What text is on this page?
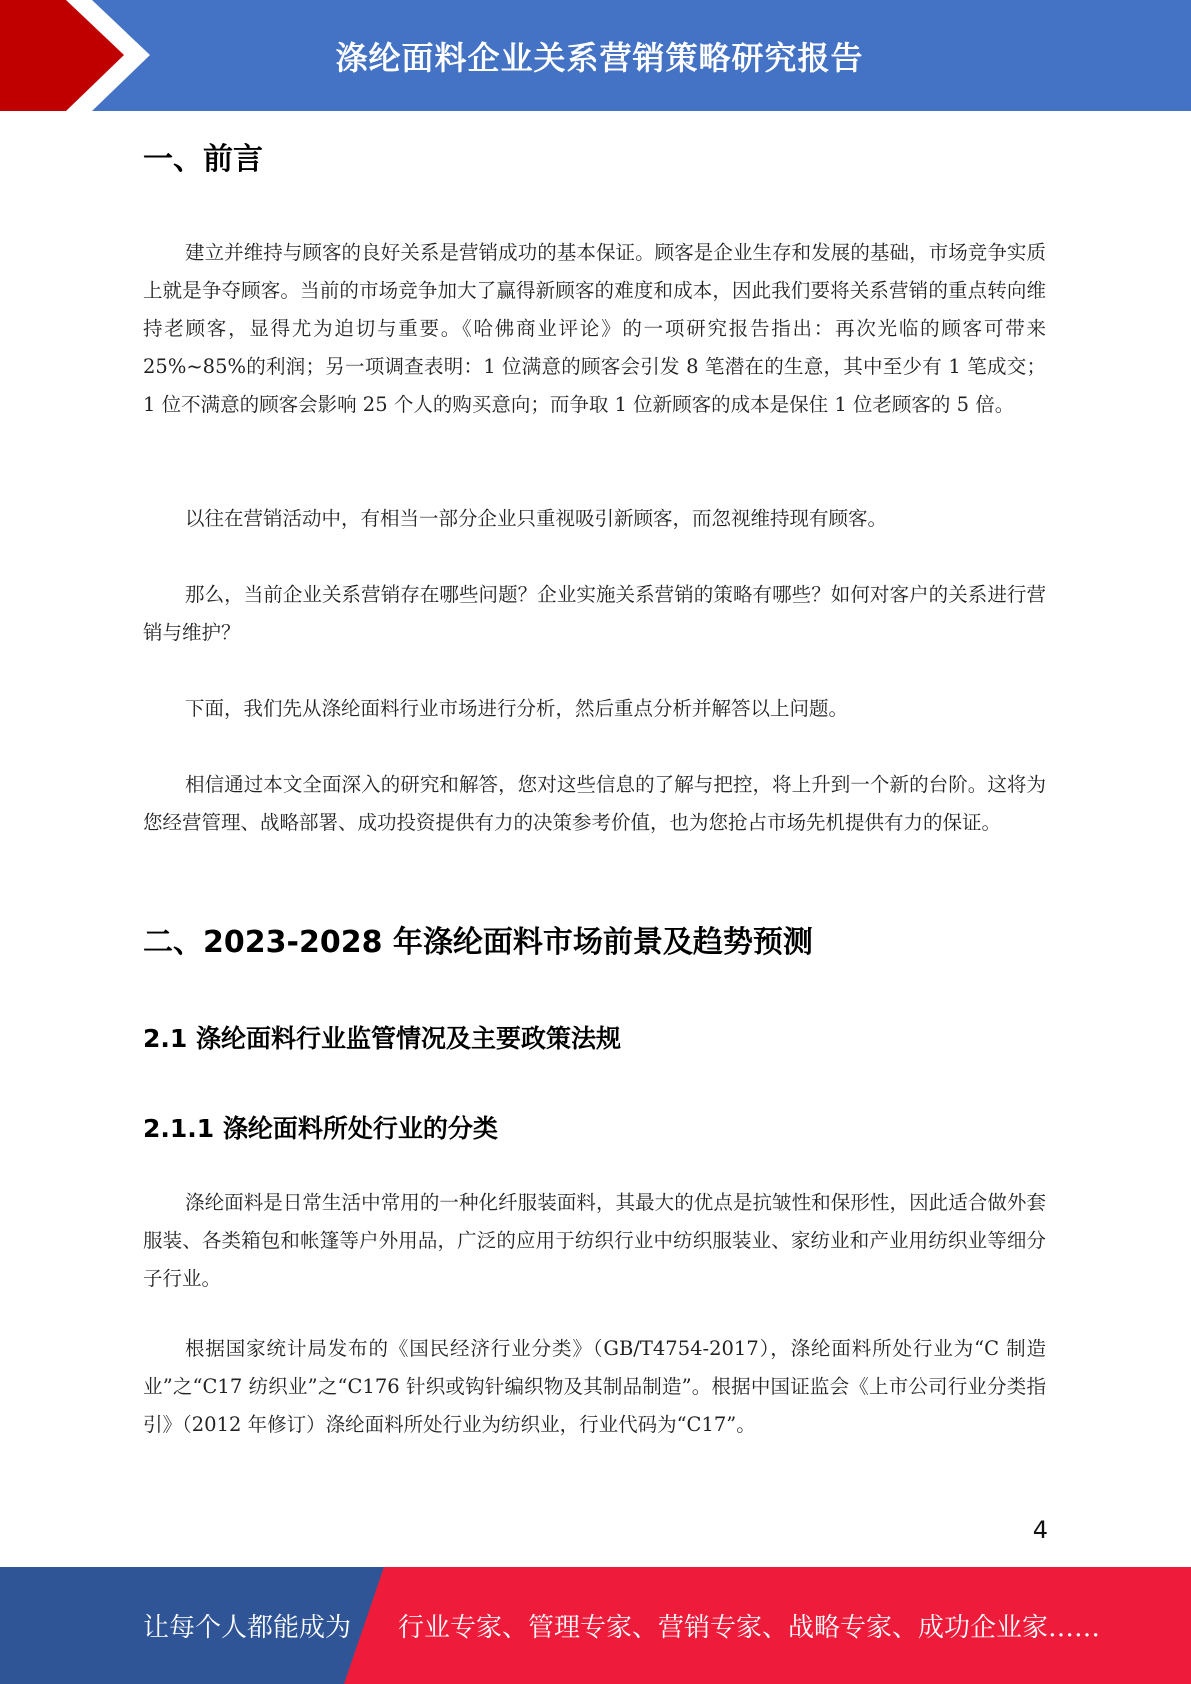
涤纶面料企业关系营销策略研究报告
一、前言

建立并维持与顾客的良好关系是营销成功的基本保证。顾客是企业生存和发展的基础，市场竞争实质上就是争夺顾客。当前的市场竞争加大了赢得新顾客的难度和成本，因此我们要将关系营销的重点转向维持老顾客，显得尤为迫切与重要。《哈佛商业评论》的一项研究报告指出：再次光临的顾客可带来 25%~85%的利润；另一项调查表明：1 位满意的顾客会引发 8 笔潜在的生意，其中至少有 1 笔成交；1 位不满意的顾客会影响 25 个人的购买意向；而争取 1 位新顾客的成本是保住 1 位老顾客的 5 倍。

以往在营销活动中，有相当一部分企业只重视吸引新顾客，而忽视维持现有顾客。

那么，当前企业关系营销存在哪些问题？企业实施关系营销的策略有哪些？如何对客户的关系进行营销与维护？

下面，我们先从涤纶面料行业市场进行分析，然后重点分析并解答以上问题。

相信通过本文全面深入的研究和解答，您对这些信息的了解与把控，将上升到一个新的台阶。这将为您经营管理、战略部署、成功投资提供有力的决策参考价值，也为您抢占市场先机提供有力的保证。

二、2023-2028 年涤纶面料市场前景及趋势预测
2.1 涤纶面料行业监管情况及主要政策法规
2.1.1 涤纶面料所处行业的分类

涤纶面料是日常生活中常用的一种化纤服装面料，其最大的优点是抗皱性和保形性，因此适合做外套服装、各类箱包和帐篷等户外用品，广泛的应用于纺织行业中纺织服装业、家纺业和产业用纺织业等细分子行业。

根据国家统计局发布的《国民经济行业分类》（GB/T4754-2017），涤纶面料所处行业为“C 制造业”之“C17 纺织业”之“C176 针织或钩针编织物及其制品制造”。根据中国证监会《上市公司行业分类指引》（2012 年修订）涤纶面料所处行业为纺织业，行业代码为“C17”。

4
让每个人都能成为 行业专家、管理专家、营销专家、战略专家、成功企业家……
